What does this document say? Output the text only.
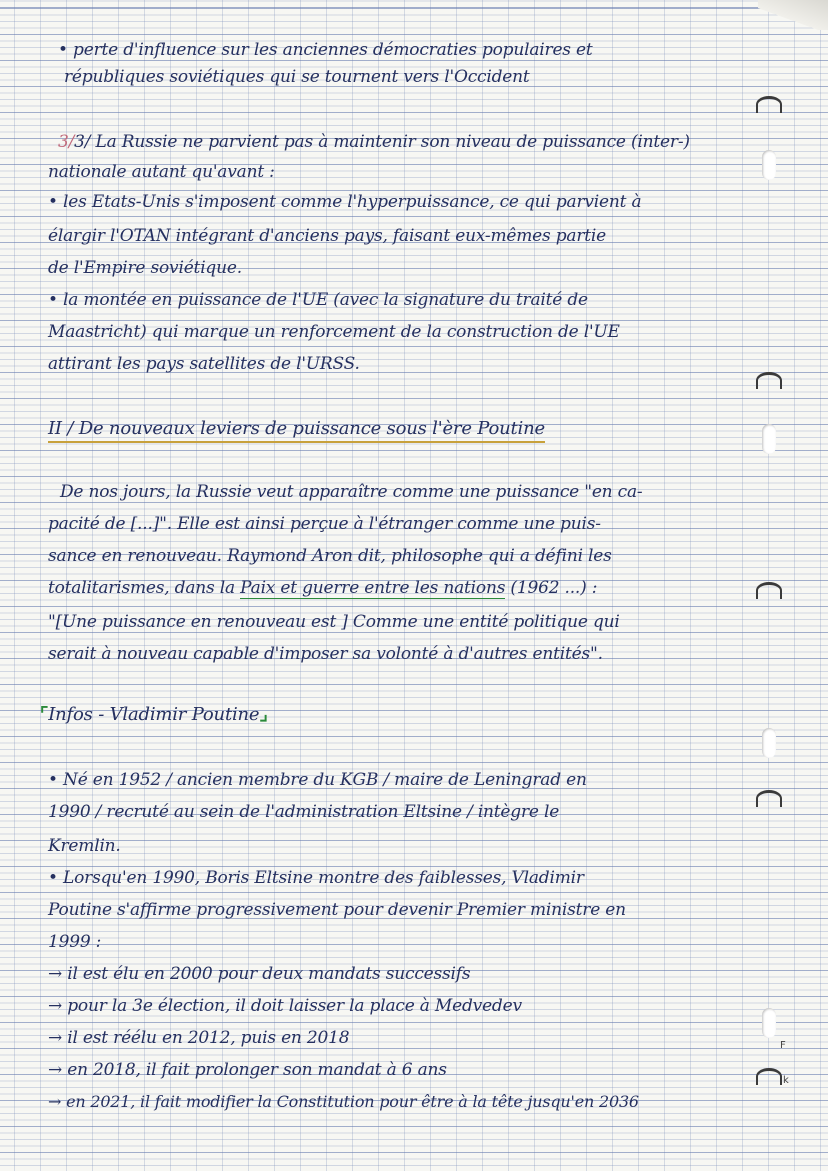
F
k
• perte d'influence sur les anciennes démocraties populaires et
républiques soviétiques qui se tournent vers l'Occident
3/3/ La Russie ne parvient pas à maintenir son niveau de puissance (inter-)
nationale autant qu'avant :
• les Etats-Unis s'imposent comme l'hyperpuissance, ce qui parvient à
élargir l'OTAN intégrant d'anciens pays, faisant eux-mêmes partie
de l'Empire soviétique.
• la montée en puissance de l'UE (avec la signature du traité de
Maastricht) qui marque un renforcement de la construction de l'UE
attirant les pays satellites de l'URSS.
II / De nouveaux leviers de puissance sous l'ère Poutine
De nos jours, la Russie veut apparaître comme une puissance "en ca-
pacité de [...]". Elle est ainsi perçue à l'étranger comme une puis-
sance en renouveau. Raymond Aron dit, philosophe qui a défini les
totalitarismes, dans la Paix et guerre entre les nations (1962 ...) :
"[Une puissance en renouveau est ] Comme une entité politique qui
serait à nouveau capable d'imposer sa volonté à d'autres entités".
⌜Infos - Vladimir Poutine⌟
• Né en 1952 / ancien membre du KGB / maire de Leningrad en
1990 / recruté au sein de l'administration Eltsine / intègre le
Kremlin.
• Lorsqu'en 1990, Boris Eltsine montre des faiblesses, Vladimir
Poutine s'affirme progressivement pour devenir Premier ministre en
1999 :
→ il est élu en 2000 pour deux mandats successifs
→ pour la 3e élection, il doit laisser la place à Medvedev
→ il est réélu en 2012, puis en 2018
→ en 2018, il fait prolonger son mandat à 6 ans
→ en 2021, il fait modifier la Constitution pour être à la tête jusqu'en 2036
